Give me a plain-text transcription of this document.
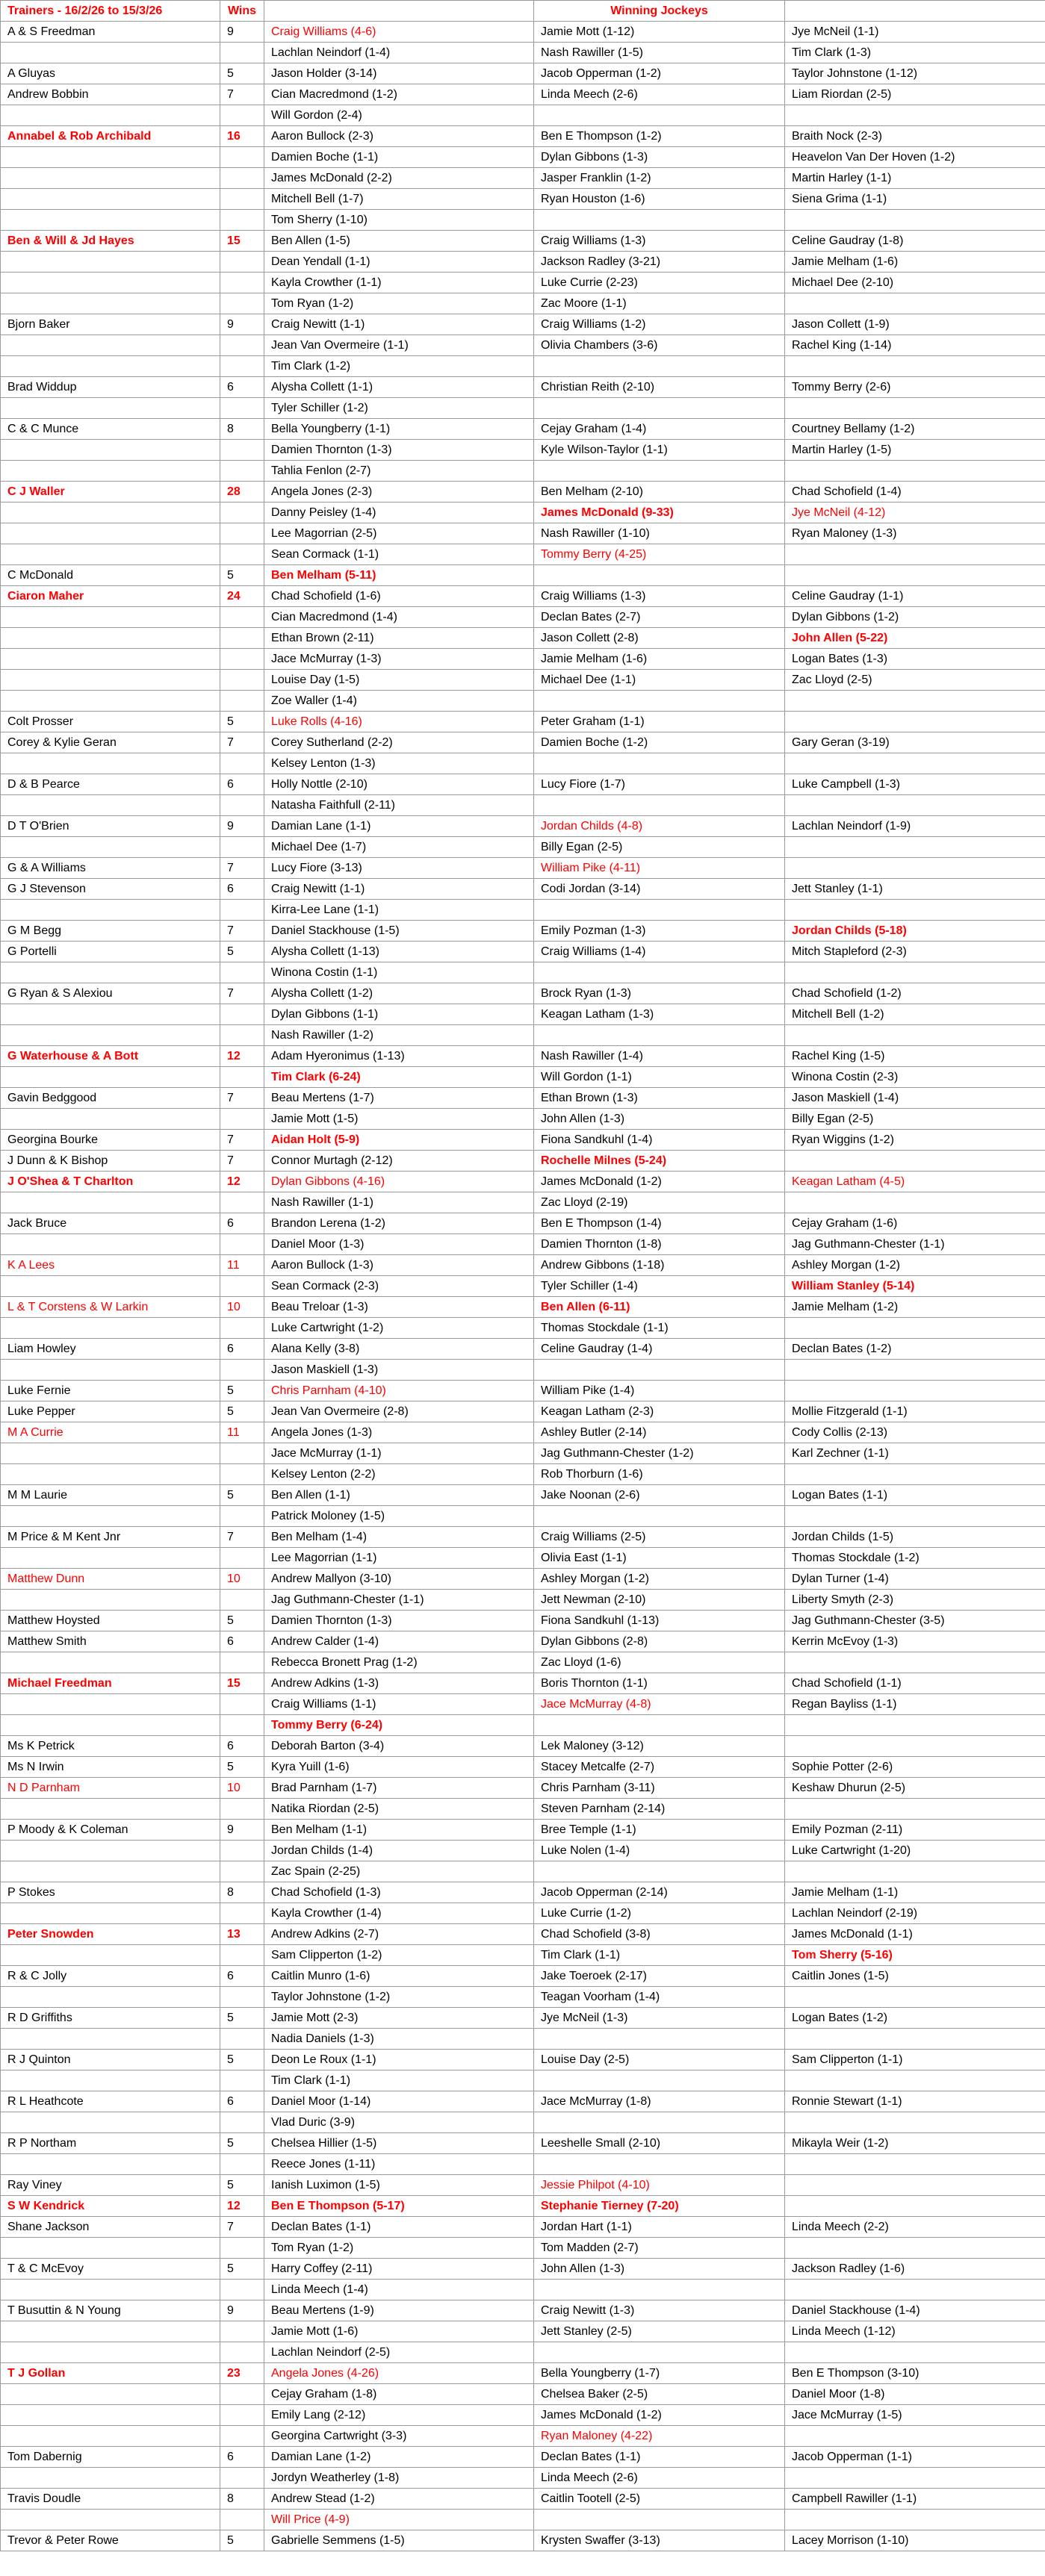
Trainers - 16/2/26 to 15/3/26	Wins		Winning Jockeys	
A & S Freedman	9	Craig Williams (4-6)	Jamie Mott (1-12)	Jye McNeil (1-1)
		Lachlan Neindorf (1-4)	Nash Rawiller (1-5)	Tim Clark (1-3)
A Gluyas	5	Jason Holder (3-14)	Jacob Opperman (1-2)	Taylor Johnstone (1-12)
Andrew Bobbin	7	Cian Macredmond (1-2)	Linda Meech (2-6)	Liam Riordan (2-5)
		Will Gordon (2-4)		
Annabel & Rob Archibald	16	Aaron Bullock (2-3)	Ben E Thompson (1-2)	Braith Nock (2-3)
		Damien Boche (1-1)	Dylan Gibbons (1-3)	Heavelon Van Der Hoven (1-2)
		James McDonald (2-2)	Jasper Franklin (1-2)	Martin Harley (1-1)
		Mitchell Bell (1-7)	Ryan Houston (1-6)	Siena Grima (1-1)
		Tom Sherry (1-10)		
Ben & Will & Jd Hayes	15	Ben Allen (1-5)	Craig Williams (1-3)	Celine Gaudray (1-8)
		Dean Yendall (1-1)	Jackson Radley (3-21)	Jamie Melham (1-6)
		Kayla Crowther (1-1)	Luke Currie (2-23)	Michael Dee (2-10)
		Tom Ryan (1-2)	Zac Moore (1-1)	
Bjorn Baker	9	Craig Newitt (1-1)	Craig Williams (1-2)	Jason Collett (1-9)
		Jean Van Overmeire (1-1)	Olivia Chambers (3-6)	Rachel King (1-14)
		Tim Clark (1-2)		
Brad Widdup	6	Alysha Collett (1-1)	Christian Reith (2-10)	Tommy Berry (2-6)
		Tyler Schiller (1-2)		
C & C Munce	8	Bella Youngberry (1-1)	Cejay Graham (1-4)	Courtney Bellamy (1-2)
		Damien Thornton (1-3)	Kyle Wilson-Taylor (1-1)	Martin Harley (1-5)
		Tahlia Fenlon (2-7)		
C J Waller	28	Angela Jones (2-3)	Ben Melham (2-10)	Chad Schofield (1-4)
		Danny Peisley (1-4)	James McDonald (9-33)	Jye McNeil (4-12)
		Lee Magorrian (2-5)	Nash Rawiller (1-10)	Ryan Maloney (1-3)
		Sean Cormack (1-1)	Tommy Berry (4-25)	
C McDonald	5	Ben Melham (5-11)		
Ciaron Maher	24	Chad Schofield (1-6)	Craig Williams (1-3)	Celine Gaudray (1-1)
		Cian Macredmond (1-4)	Declan Bates (2-7)	Dylan Gibbons (1-2)
		Ethan Brown (2-11)	Jason Collett (2-8)	John Allen (5-22)
		Jace McMurray (1-3)	Jamie Melham (1-6)	Logan Bates (1-3)
		Louise Day (1-5)	Michael Dee (1-1)	Zac Lloyd (2-5)
		Zoe Waller (1-4)		
Colt Prosser	5	Luke Rolls (4-16)	Peter Graham (1-1)	
Corey & Kylie Geran	7	Corey Sutherland (2-2)	Damien Boche (1-2)	Gary Geran (3-19)
		Kelsey Lenton (1-3)		
D & B Pearce	6	Holly Nottle (2-10)	Lucy Fiore (1-7)	Luke Campbell (1-3)
		Natasha Faithfull (2-11)		
D T O'Brien	9	Damian Lane (1-1)	Jordan Childs (4-8)	Lachlan Neindorf (1-9)
		Michael Dee (1-7)	Billy Egan (2-5)	
G & A Williams	7	Lucy Fiore (3-13)	William Pike (4-11)	
G J Stevenson	6	Craig Newitt (1-1)	Codi Jordan (3-14)	Jett Stanley (1-1)
		Kirra-Lee Lane (1-1)		
G M Begg	7	Daniel Stackhouse (1-5)	Emily Pozman (1-3)	Jordan Childs (5-18)
G Portelli	5	Alysha Collett (1-13)	Craig Williams (1-4)	Mitch Stapleford (2-3)
		Winona Costin (1-1)		
G Ryan & S Alexiou	7	Alysha Collett (1-2)	Brock Ryan (1-3)	Chad Schofield (1-2)
		Dylan Gibbons (1-1)	Keagan Latham (1-3)	Mitchell Bell (1-2)
		Nash Rawiller (1-2)		
G Waterhouse & A Bott	12	Adam Hyeronimus (1-13)	Nash Rawiller (1-4)	Rachel King (1-5)
		Tim Clark (6-24)	Will Gordon (1-1)	Winona Costin (2-3)
Gavin Bedggood	7	Beau Mertens (1-7)	Ethan Brown (1-3)	Jason Maskiell (1-4)
		Jamie Mott (1-5)	John Allen (1-3)	Billy Egan (2-5)
Georgina Bourke	7	Aidan Holt (5-9)	Fiona Sandkuhl (1-4)	Ryan Wiggins (1-2)
J Dunn & K Bishop	7	Connor Murtagh (2-12)	Rochelle Milnes (5-24)	
J O'Shea & T Charlton	12	Dylan Gibbons (4-16)	James McDonald (1-2)	Keagan Latham (4-5)
		Nash Rawiller (1-1)	Zac Lloyd (2-19)	
Jack Bruce	6	Brandon Lerena (1-2)	Ben E Thompson (1-4)	Cejay Graham (1-6)
		Daniel Moor (1-3)	Damien Thornton (1-8)	Jag Guthmann-Chester (1-1)
K A Lees	11	Aaron Bullock (1-3)	Andrew Gibbons (1-18)	Ashley Morgan (1-2)
		Sean Cormack (2-3)	Tyler Schiller (1-4)	William Stanley (5-14)
L & T Corstens & W Larkin	10	Beau Treloar (1-3)	Ben Allen (6-11)	Jamie Melham (1-2)
		Luke Cartwright (1-2)	Thomas Stockdale (1-1)	
Liam Howley	6	Alana Kelly (3-8)	Celine Gaudray (1-4)	Declan Bates (1-2)
		Jason Maskiell (1-3)		
Luke Fernie	5	Chris Parnham (4-10)	William Pike (1-4)	
Luke Pepper	5	Jean Van Overmeire (2-8)	Keagan Latham (2-3)	Mollie Fitzgerald (1-1)
M A Currie	11	Angela Jones (1-3)	Ashley Butler (2-14)	Cody Collis (2-13)
		Jace McMurray (1-1)	Jag Guthmann-Chester (1-2)	Karl Zechner (1-1)
		Kelsey Lenton (2-2)	Rob Thorburn (1-6)	
M M Laurie	5	Ben Allen (1-1)	Jake Noonan (2-6)	Logan Bates (1-1)
		Patrick Moloney (1-5)		
M Price & M Kent Jnr	7	Ben Melham (1-4)	Craig Williams (2-5)	Jordan Childs (1-5)
		Lee Magorrian (1-1)	Olivia East (1-1)	Thomas Stockdale (1-2)
Matthew Dunn	10	Andrew Mallyon (3-10)	Ashley Morgan (1-2)	Dylan Turner (1-4)
		Jag Guthmann-Chester (1-1)	Jett Newman (2-10)	Liberty Smyth (2-3)
Matthew Hoysted	5	Damien Thornton (1-3)	Fiona Sandkuhl (1-13)	Jag Guthmann-Chester (3-5)
Matthew Smith	6	Andrew Calder (1-4)	Dylan Gibbons (2-8)	Kerrin McEvoy (1-3)
		Rebecca Bronett Prag (1-2)	Zac Lloyd (1-6)	
Michael Freedman	15	Andrew Adkins (1-3)	Boris Thornton (1-1)	Chad Schofield (1-1)
		Craig Williams (1-1)	Jace McMurray (4-8)	Regan Bayliss (1-1)
		Tommy Berry (6-24)		
Ms K Petrick	6	Deborah Barton (3-4)	Lek Maloney (3-12)	
Ms N Irwin	5	Kyra Yuill (1-6)	Stacey Metcalfe (2-7)	Sophie Potter (2-6)
N D Parnham	10	Brad Parnham (1-7)	Chris Parnham (3-11)	Keshaw Dhurun (2-5)
		Natika Riordan (2-5)	Steven Parnham (2-14)	
P Moody & K Coleman	9	Ben Melham (1-1)	Bree Temple (1-1)	Emily Pozman (2-11)
		Jordan Childs (1-4)	Luke Nolen (1-4)	Luke Cartwright (1-20)
		Zac Spain (2-25)		
P Stokes	8	Chad Schofield (1-3)	Jacob Opperman (2-14)	Jamie Melham (1-1)
		Kayla Crowther (1-4)	Luke Currie (1-2)	Lachlan Neindorf (2-19)
Peter Snowden	13	Andrew Adkins (2-7)	Chad Schofield (3-8)	James McDonald (1-1)
		Sam Clipperton (1-2)	Tim Clark (1-1)	Tom Sherry (5-16)
R & C Jolly	6	Caitlin Munro (1-6)	Jake Toeroek (2-17)	Caitlin Jones (1-5)
		Taylor Johnstone (1-2)	Teagan Voorham (1-4)	
R D Griffiths	5	Jamie Mott (2-3)	Jye McNeil (1-3)	Logan Bates (1-2)
		Nadia Daniels (1-3)		
R J Quinton	5	Deon Le Roux (1-1)	Louise Day (2-5)	Sam Clipperton (1-1)
		Tim Clark (1-1)		
R L Heathcote	6	Daniel Moor (1-14)	Jace McMurray (1-8)	Ronnie Stewart (1-1)
		Vlad Duric (3-9)		
R P Northam	5	Chelsea Hillier (1-5)	Leeshelle Small (2-10)	Mikayla Weir (1-2)
		Reece Jones (1-11)		
Ray Viney	5	Ianish Luximon (1-5)	Jessie Philpot (4-10)	
S W Kendrick	12	Ben E Thompson (5-17)	Stephanie Tierney (7-20)	
Shane Jackson	7	Declan Bates (1-1)	Jordan Hart (1-1)	Linda Meech (2-2)
		Tom Ryan (1-2)	Tom Madden (2-7)	
T & C McEvoy	5	Harry Coffey (2-11)	John Allen (1-3)	Jackson Radley (1-6)
		Linda Meech (1-4)		
T Busuttin & N Young	9	Beau Mertens (1-9)	Craig Newitt (1-3)	Daniel Stackhouse (1-4)
		Jamie Mott (1-6)	Jett Stanley (2-5)	Linda Meech (1-12)
		Lachlan Neindorf (2-5)		
T J Gollan	23	Angela Jones (4-26)	Bella Youngberry (1-7)	Ben E Thompson (3-10)
		Cejay Graham (1-8)	Chelsea Baker (2-5)	Daniel Moor (1-8)
		Emily Lang (2-12)	James McDonald (1-2)	Jace McMurray (1-5)
		Georgina Cartwright (3-3)	Ryan Maloney (4-22)	
Tom Dabernig	6	Damian Lane (1-2)	Declan Bates (1-1)	Jacob Opperman (1-1)
		Jordyn Weatherley (1-8)	Linda Meech (2-6)	
Travis Doudle	8	Andrew Stead (1-2)	Caitlin Tootell (2-5)	Campbell Rawiller (1-1)
		Will Price (4-9)		
Trevor & Peter Rowe	5	Gabrielle Semmens (1-5)	Krysten Swaffer (3-13)	Lacey Morrison (1-10)
